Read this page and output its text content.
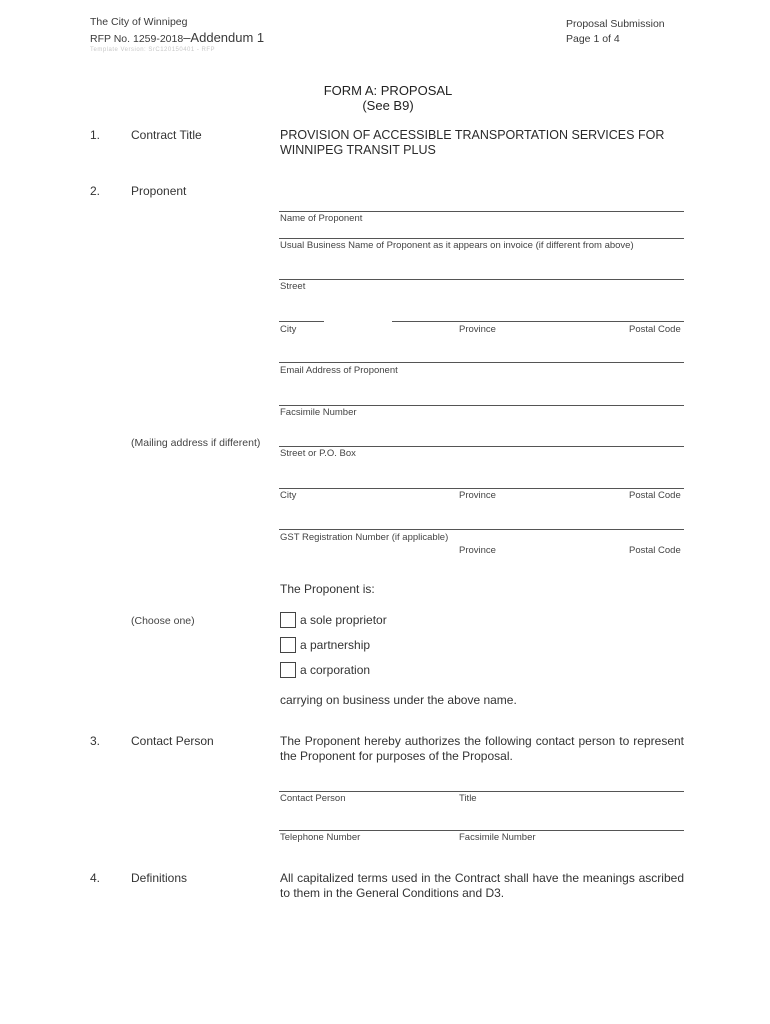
The City of Winnipeg
RFP No. 1259-2018–Addendum 1
Template Version: SrC120150401 - RFP
Proposal Submission
Page 1 of 4
FORM A: PROPOSAL
(See B9)
1.	Contract Title	PROVISION OF ACCESSIBLE TRANSPORTATION SERVICES FOR WINNIPEG TRANSIT PLUS
2.	Proponent
Name of Proponent
Usual Business Name of Proponent as it appears on invoice (if different from above)
Street
City	Province	Postal Code
Email Address of Proponent
Facsimile Number
(Mailing address if different)
Street or P.O. Box
City	Province	Postal Code
GST Registration Number (if applicable)
Province	Postal Code
The Proponent is:
(Choose one)	a sole proprietor
a partnership
a corporation
carrying on business under the above name.
3.	Contact Person	The Proponent hereby authorizes the following contact person to represent the Proponent for purposes of the Proposal.
Contact Person	Title
Telephone Number	Facsimile Number
4.	Definitions	All capitalized terms used in the Contract shall have the meanings ascribed to them in the General Conditions and D3.
